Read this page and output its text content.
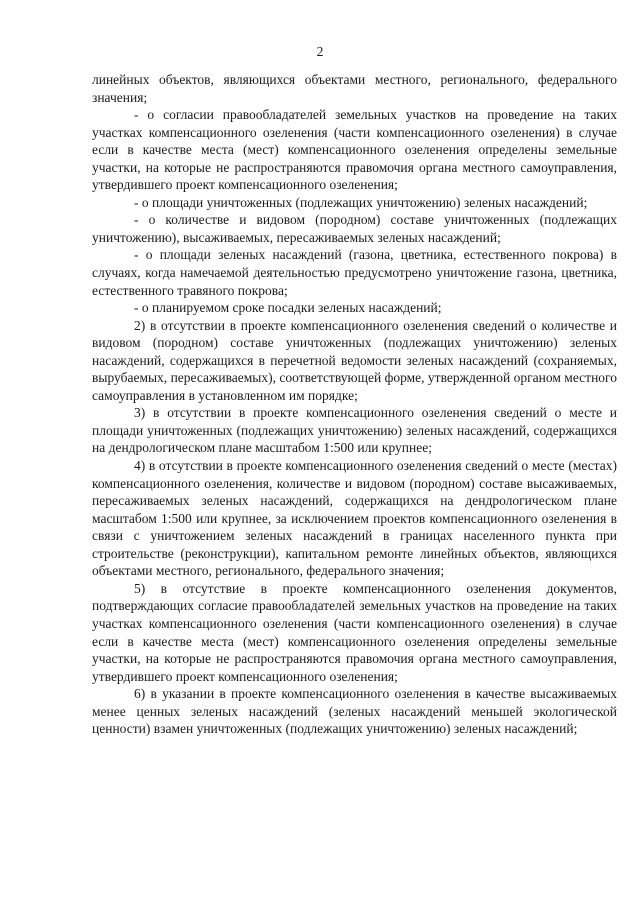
2

линейных объектов, являющихся объектами местного, регионального, федерального значения;

- о согласии правообладателей земельных участков на проведение на таких участках компенсационного озеленения (части компенсационного озеленения) в случае если в качестве места (мест) компенсационного озеленения определены земельные участки, на которые не распространяются правомочия органа местного самоуправления, утвердившего проект компенсационного озеленения;

- о площади уничтоженных (подлежащих уничтожению) зеленых насаждений;

- о количестве и видовом (породном) составе уничтоженных (подлежащих уничтожению), высаживаемых, пересаживаемых зеленых насаждений;

- о площади зеленых насаждений (газона, цветника, естественного покрова) в случаях, когда намечаемой деятельностью предусмотрено уничтожение газона, цветника, естественного травяного покрова;

- о планируемом сроке посадки зеленых насаждений;

2) в отсутствии в проекте компенсационного озеленения сведений о количестве и видовом (породном) составе уничтоженных (подлежащих уничтожению) зеленых насаждений, содержащихся в перечетной ведомости зеленых насаждений (сохраняемых, вырубаемых, пересаживаемых), соответствующей форме, утвержденной органом местного самоуправления в установленном им порядке;

3) в отсутствии в проекте компенсационного озеленения сведений о месте и площади уничтоженных (подлежащих уничтожению) зеленых насаждений, содержащихся на дендрологическом плане масштабом 1:500 или крупнее;

4) в отсутствии в проекте компенсационного озеленения сведений о месте (местах) компенсационного озеленения, количестве и видовом (породном) составе высаживаемых, пересаживаемых зеленых насаждений, содержащихся на дендрологическом плане масштабом 1:500 или крупнее, за исключением проектов компенсационного озеленения в связи с уничтожением зеленых насаждений в границах населенного пункта при строительстве (реконструкции), капитальном ремонте линейных объектов, являющихся объектами местного, регионального, федерального значения;

5) в отсутствие в проекте компенсационного озеленения документов, подтверждающих согласие правообладателей земельных участков на проведение на таких участках компенсационного озеленения (части компенсационного озеленения) в случае если в качестве места (мест) компенсационного озеленения определены земельные участки, на которые не распространяются правомочия органа местного самоуправления, утвердившего проект компенсационного озеленения;

6) в указании в проекте компенсационного озеленения в качестве высаживаемых менее ценных зеленых насаждений (зеленых насаждений меньшей экологической ценности) взамен уничтоженных (подлежащих уничтожению) зеленых насаждений;
